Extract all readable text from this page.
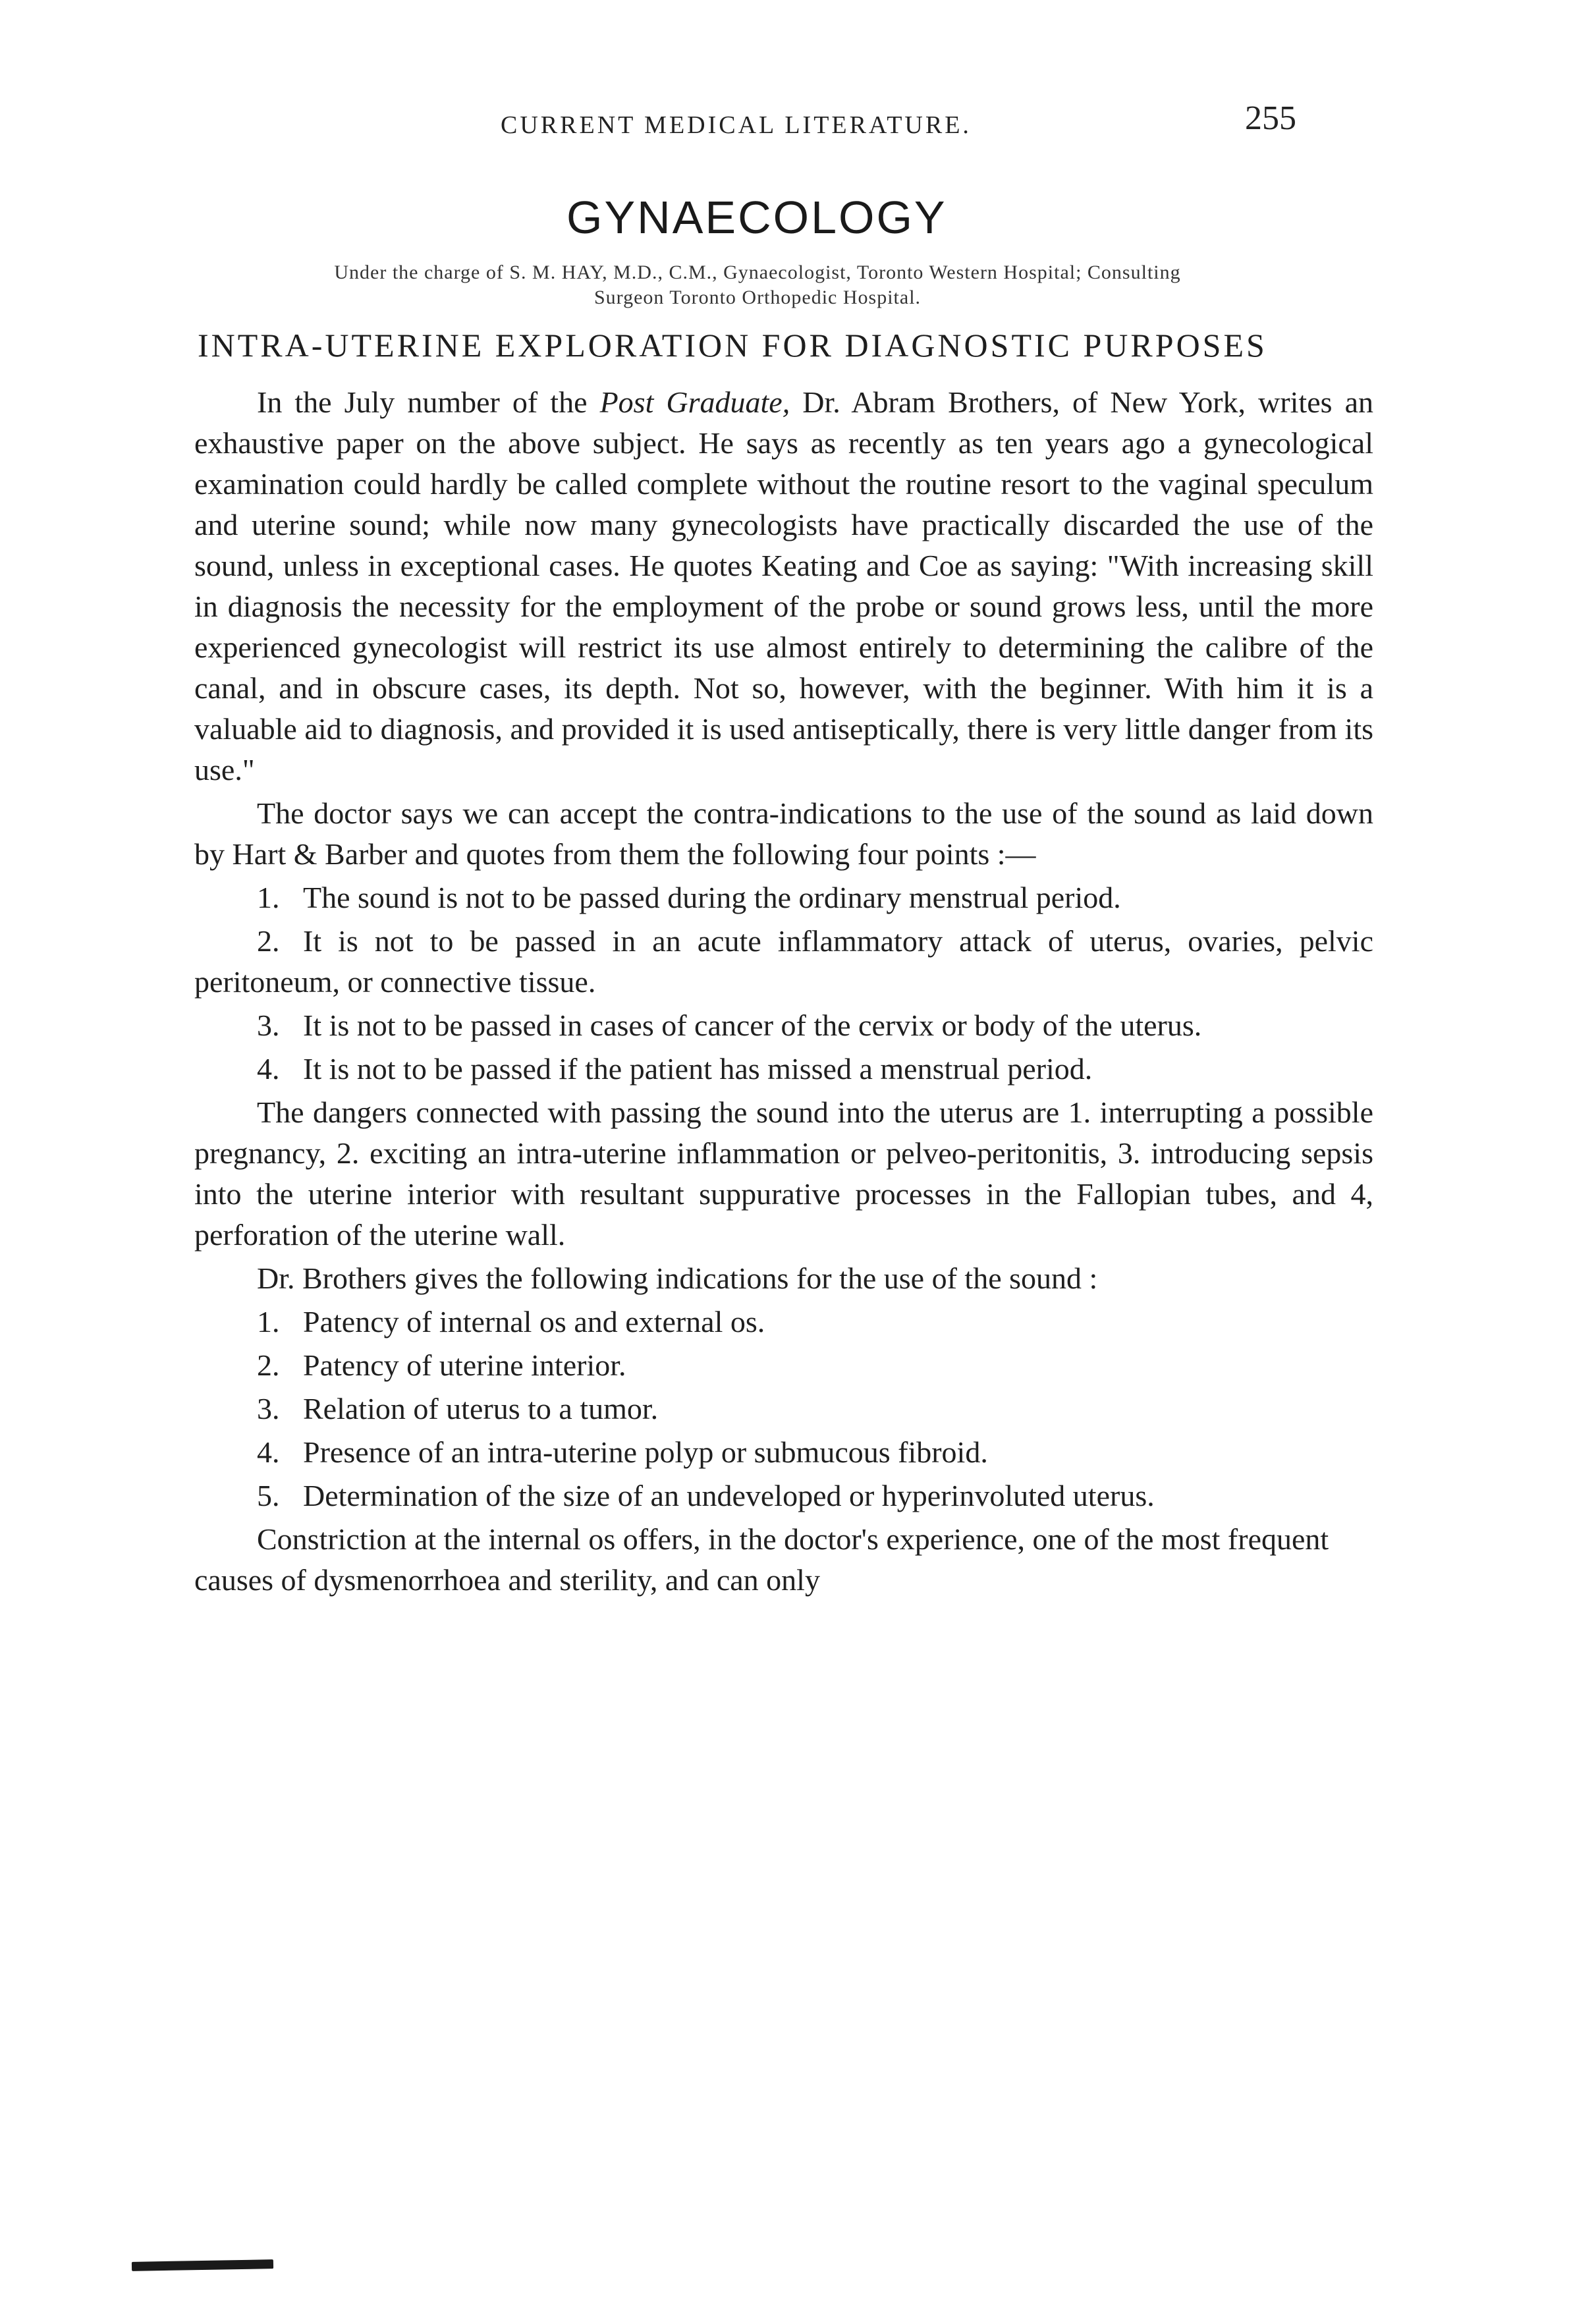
CURRENT MEDICAL LITERATURE.	255
GYNAECOLOGY
Under the charge of S. M. HAY, M.D., C.M., Gynaecologist, Toronto Western Hospital; Consulting
Surgeon Toronto Orthopedic Hospital.
INTRA-UTERINE EXPLORATION FOR DIAGNOSTIC PURPOSES

In the July number of the Post Graduate, Dr. Abram Brothers, of New York, writes an exhaustive paper on the above subject. He says as recently as ten years ago a gynecological examination could hardly be called complete without the routine resort to the vaginal speculum and uterine sound; while now many gynecologists have practically discarded the use of the sound, unless in exceptional cases. He quotes Keating and Coe as saying: "With increasing skill in diagnosis the necessity for the employment of the probe or sound grows less, until the more experienced gynecologist will restrict its use almost entirely to determining the calibre of the canal, and in obscure cases, its depth. Not so, however, with the beginner. With him it is a valuable aid to diagnosis, and provided it is used antiseptically, there is very little danger from its use."

The doctor says we can accept the contra-indications to the use of the sound as laid down by Hart & Barber and quotes from them the following four points :—

1. The sound is not to be passed during the ordinary menstrual period.

2. It is not to be passed in an acute inflammatory attack of uterus, ovaries, pelvic peritoneum, or connective tissue.

3. It is not to be passed in cases of cancer of the cervix or body of the uterus.

4. It is not to be passed if the patient has missed a menstrual period.

The dangers connected with passing the sound into the uterus are 1. interrupting a possible pregnancy, 2. exciting an intra-uterine inflammation or pelveo-peritonitis, 3. introducing sepsis into the uterine interior with resultant suppurative processes in the Fallopian tubes, and 4, perforation of the uterine wall.

Dr. Brothers gives the following indications for the use of the sound :

1. Patency of internal os and external os.

2. Patency of uterine interior.

3. Relation of uterus to a tumor.

4. Presence of an intra-uterine polyp or submucous fibroid.

5. Determination of the size of an undeveloped or hyperinvoluted uterus.

Constriction at the internal os offers, in the doctor's experience, one of the most frequent causes of dysmenorrhoea and sterility, and can only
